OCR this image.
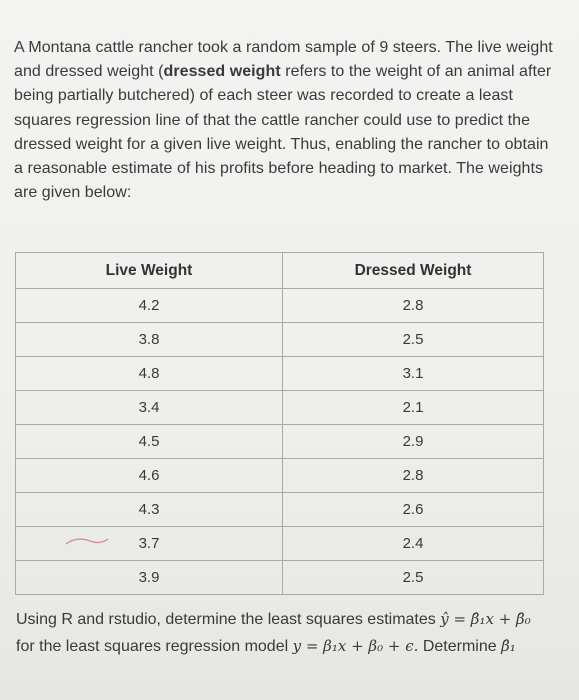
A Montana cattle rancher took a random sample of 9 steers. The live weight and dressed weight (dressed weight refers to the weight of an animal after being partially butchered) of each steer was recorded to create a least squares regression line of that the cattle rancher could use to predict the dressed weight for a given live weight. Thus, enabling the rancher to obtain a reasonable estimate of his profits before heading to market. The weights are given below:

Live Weight	Dressed Weight
4.2	2.8
3.8	2.5
4.8	3.1
3.4	2.1
4.5	2.9
4.6	2.8
4.3	2.6
3.7	2.4
3.9	2.5
Using R and rstudio, determine the least squares estimates ŷ = β̂₁x + β̂₀
for the least squares regression model y = β₁x + β₀ + ϵ. Determine β̂₁
